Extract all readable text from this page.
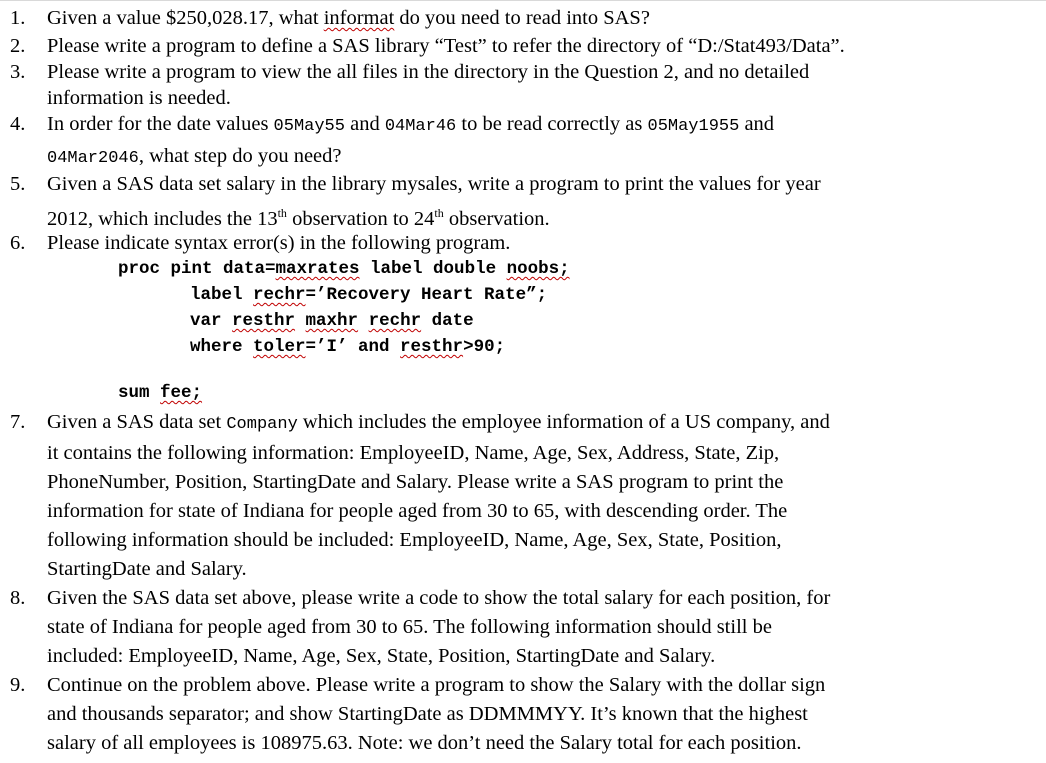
1. Given a value $250,028.17, what informat do you need to read into SAS?
2. Please write a program to define a SAS library “Test” to refer the directory of “D:/Stat493/Data”.
3. Please write a program to view the all files in the directory in the Question 2, and no detailed
information is needed.
4. In order for the date values 05May55 and 04Mar46 to be read correctly as 05May1955 and
04Mar2046, what step do you need?
5. Given a SAS data set salary in the library mysales, write a program to print the values for year
2012, which includes the 13th observation to 24th observation.
6. Please indicate syntax error(s) in the following program.
proc pint data=maxrates label double noobs;
label rechr=’Recovery Heart Rate”;
var resthr maxhr rechr date
where toler=’I’ and resthr>90;
sum fee;
7. Given a SAS data set Company which includes the employee information of a US company, and
it contains the following information: EmployeeID, Name, Age, Sex, Address, State, Zip,
PhoneNumber, Position, StartingDate and Salary. Please write a SAS program to print the
information for state of Indiana for people aged from 30 to 65, with descending order. The
following information should be included: EmployeeID, Name, Age, Sex, State, Position,
StartingDate and Salary.
8. Given the SAS data set above, please write a code to show the total salary for each position, for
state of Indiana for people aged from 30 to 65. The following information should still be
included: EmployeeID, Name, Age, Sex, State, Position, StartingDate and Salary.
9. Continue on the problem above. Please write a program to show the Salary with the dollar sign
and thousands separator; and show StartingDate as DDMMMYY. It’s known that the highest
salary of all employees is 108975.63. Note: we don’t need the Salary total for each position.
